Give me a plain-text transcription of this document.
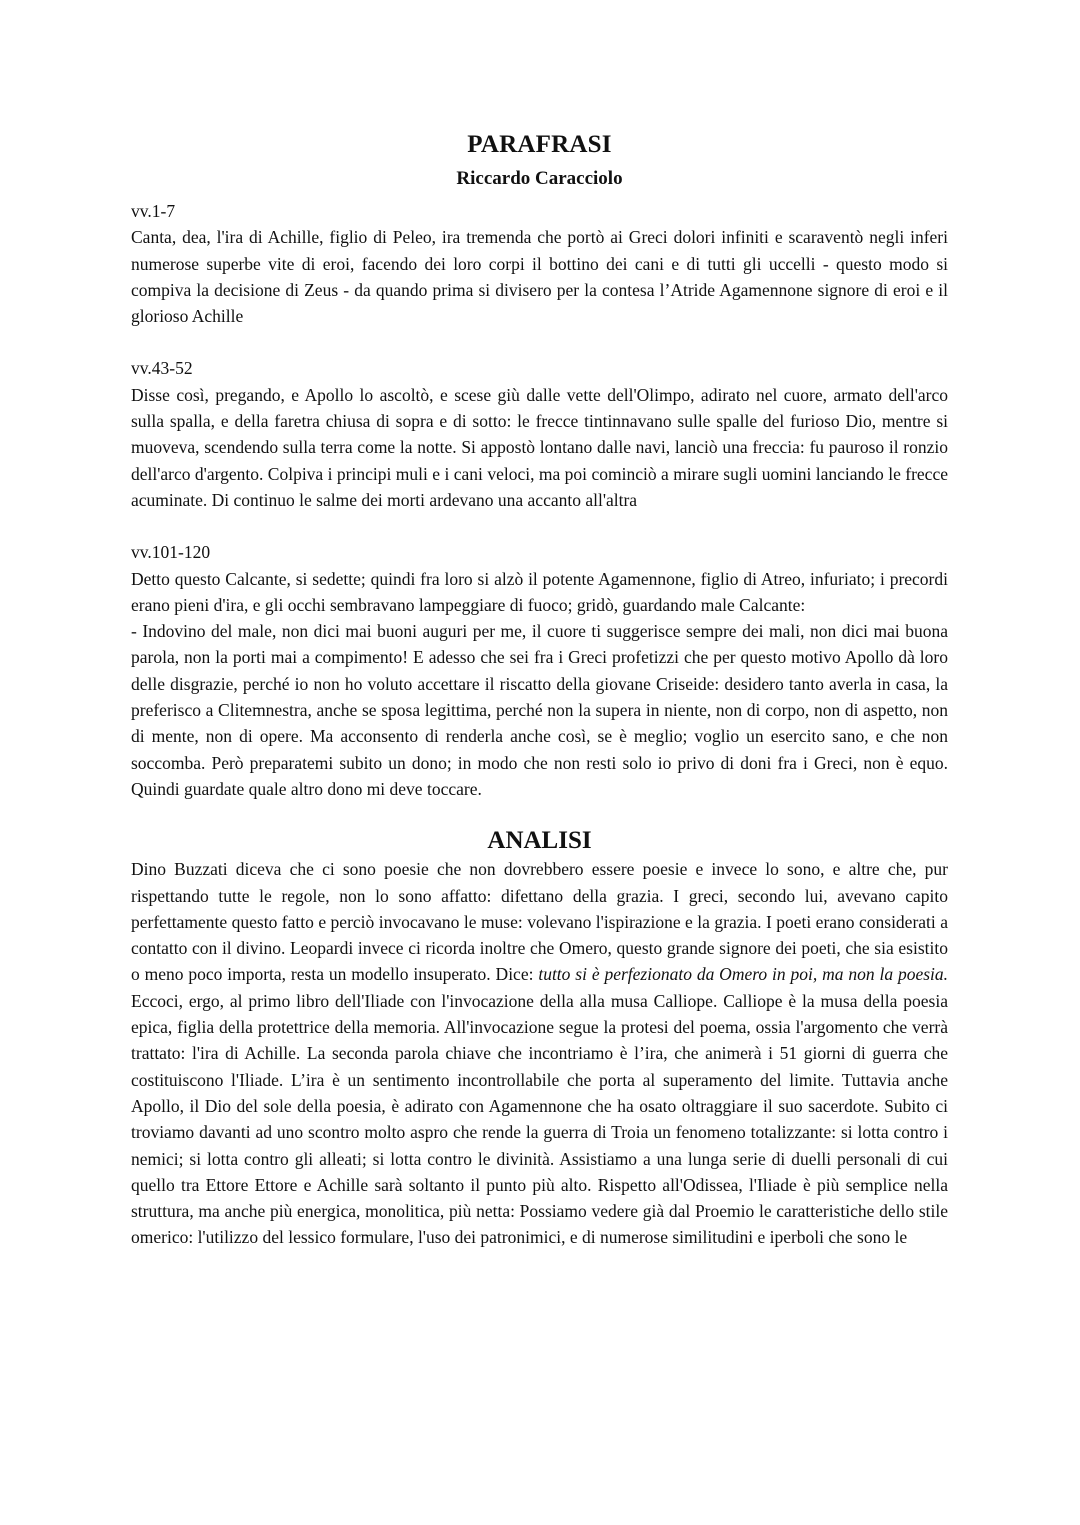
PARAFRASI
Riccardo Caracciolo

vv.1-7

Canta, dea, l'ira di Achille, figlio di Peleo, ira tremenda che portò ai Greci dolori infiniti e scaraventò negli inferi numerose superbe vite di eroi, facendo dei loro corpi il bottino dei cani e di tutti gli uccelli - questo modo si compiva la decisione di Zeus - da quando prima si divisero per la contesa l’Atride Agamennone signore di eroi e il glorioso Achille

vv.43-52

Disse così, pregando, e Apollo lo ascoltò, e scese giù dalle vette dell'Olimpo, adirato nel cuore, armato dell'arco sulla spalla, e della faretra chiusa di sopra e di sotto: le frecce tintinnavano sulle spalle del furioso Dio, mentre si muoveva, scendendo sulla terra come la notte. Si appostò lontano dalle navi, lanciò una freccia: fu pauroso il ronzio dell'arco d'argento. Colpiva i principi muli e i cani veloci, ma poi cominciò a mirare sugli uomini lanciando le frecce acuminate. Di continuo le salme dei morti ardevano una accanto all'altra

vv.101-120

Detto questo Calcante, si sedette; quindi fra loro si alzò il potente Agamennone, figlio di Atreo, infuriato; i precordi erano pieni d'ira, e gli occhi sembravano lampeggiare di fuoco; gridò, guardando male Calcante:

- Indovino del male, non dici mai buoni auguri per me, il cuore ti suggerisce sempre dei mali, non dici mai buona parola, non la porti mai a compimento! E adesso che sei fra i Greci profetizzi che per questo motivo Apollo dà loro delle disgrazie, perché io non ho voluto accettare il riscatto della giovane Criseide: desidero tanto averla in casa, la preferisco a Clitemnestra, anche se sposa legittima, perché non la supera in niente, non di corpo, non di aspetto, non di mente, non di opere. Ma acconsento di renderla anche così, se è meglio; voglio un esercito sano, e che non soccomba. Però preparatemi subito un dono; in modo che non resti solo io privo di doni fra i Greci, non è equo. Quindi guardate quale altro dono mi deve toccare.

ANALISI

Dino Buzzati diceva che ci sono poesie che non dovrebbero essere poesie e invece lo sono, e altre che, pur rispettando tutte le regole, non lo sono affatto: difettano della grazia. I greci, secondo lui, avevano capito perfettamente questo fatto e perciò invocavano le muse: volevano l'ispirazione e la grazia. I poeti erano considerati a contatto con il divino. Leopardi invece ci ricorda inoltre che Omero, questo grande signore dei poeti, che sia esistito o meno poco importa, resta un modello insuperato. Dice: tutto si è perfezionato da Omero in poi, ma non la poesia. Eccoci, ergo, al primo libro dell'Iliade con l'invocazione della alla musa Calliope. Calliope è la musa della poesia epica, figlia della protettrice della memoria. All'invocazione segue la protesi del poema, ossia l'argomento che verrà trattato: l'ira di Achille. La seconda parola chiave che incontriamo è l’ira, che animerà i 51 giorni di guerra che costituiscono l'Iliade. L’ira è un sentimento incontrollabile che porta al superamento del limite. Tuttavia anche Apollo, il Dio del sole della poesia, è adirato con Agamennone che ha osato oltraggiare il suo sacerdote. Subito ci troviamo davanti ad uno scontro molto aspro che rende la guerra di Troia un fenomeno totalizzante: si lotta contro i nemici; si lotta contro gli alleati; si lotta contro le divinità. Assistiamo a una lunga serie di duelli personali di cui quello tra Ettore Ettore e Achille sarà soltanto il punto più alto. Rispetto all'Odissea, l'Iliade è più semplice nella struttura, ma anche più energica, monolitica, più netta: Possiamo vedere già dal Proemio le caratteristiche dello stile omerico: l'utilizzo del lessico formulare, l'uso dei patronimici, e di numerose similitudini e iperboli che sono le
